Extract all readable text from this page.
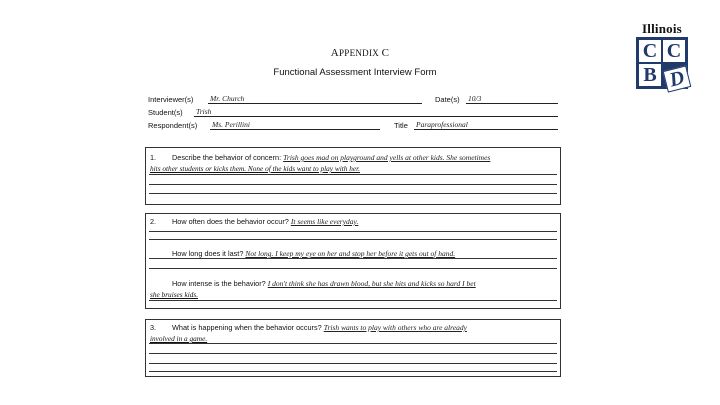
Illinois
C C
B D
APPENDIX C
Functional Assessment Interview Form
Interviewer(s) Mr. Church	Date(s) 10/3
Student(s) Trish
Respondent(s) Ms. Perillini	Title Paraprofessional
1. Describe the behavior of concern: Trish goes mad on playground and yells at other kids. She sometimes
hits other students or kicks them. None of the kids want to play with her.
2. How often does the behavior occur? It seems like everyday.
How long does it last? Not long. I keep my eye on her and stop her before it gets out of hand.
How intense is the behavior? I don't think she has drawn blood, but she hits and kicks so hard I bet
she bruises kids.
3. What is happening when the behavior occurs? Trish wants to play with others who are already
involved in a game.
